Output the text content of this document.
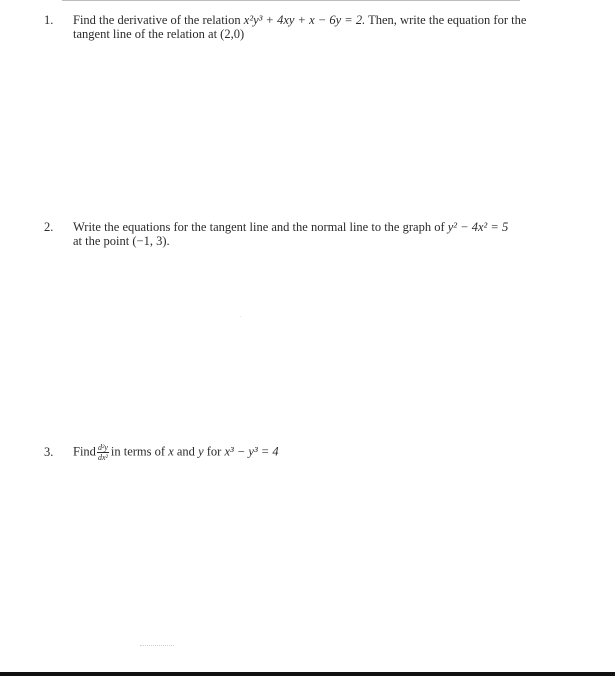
1.	Find the derivative of the relation x²y³ + 4xy + x − 6y = 2. Then, write the equation for the
tangent line of the relation at (2,0)
2.	Write the equations for the tangent line and the normal line to the graph of y² − 4x² = 5
at the point (−1, 3).
3.	Find $\frac{\text{d²y}}{\text{dx²}}$ in terms of x and y for x³ − y³ = 4
